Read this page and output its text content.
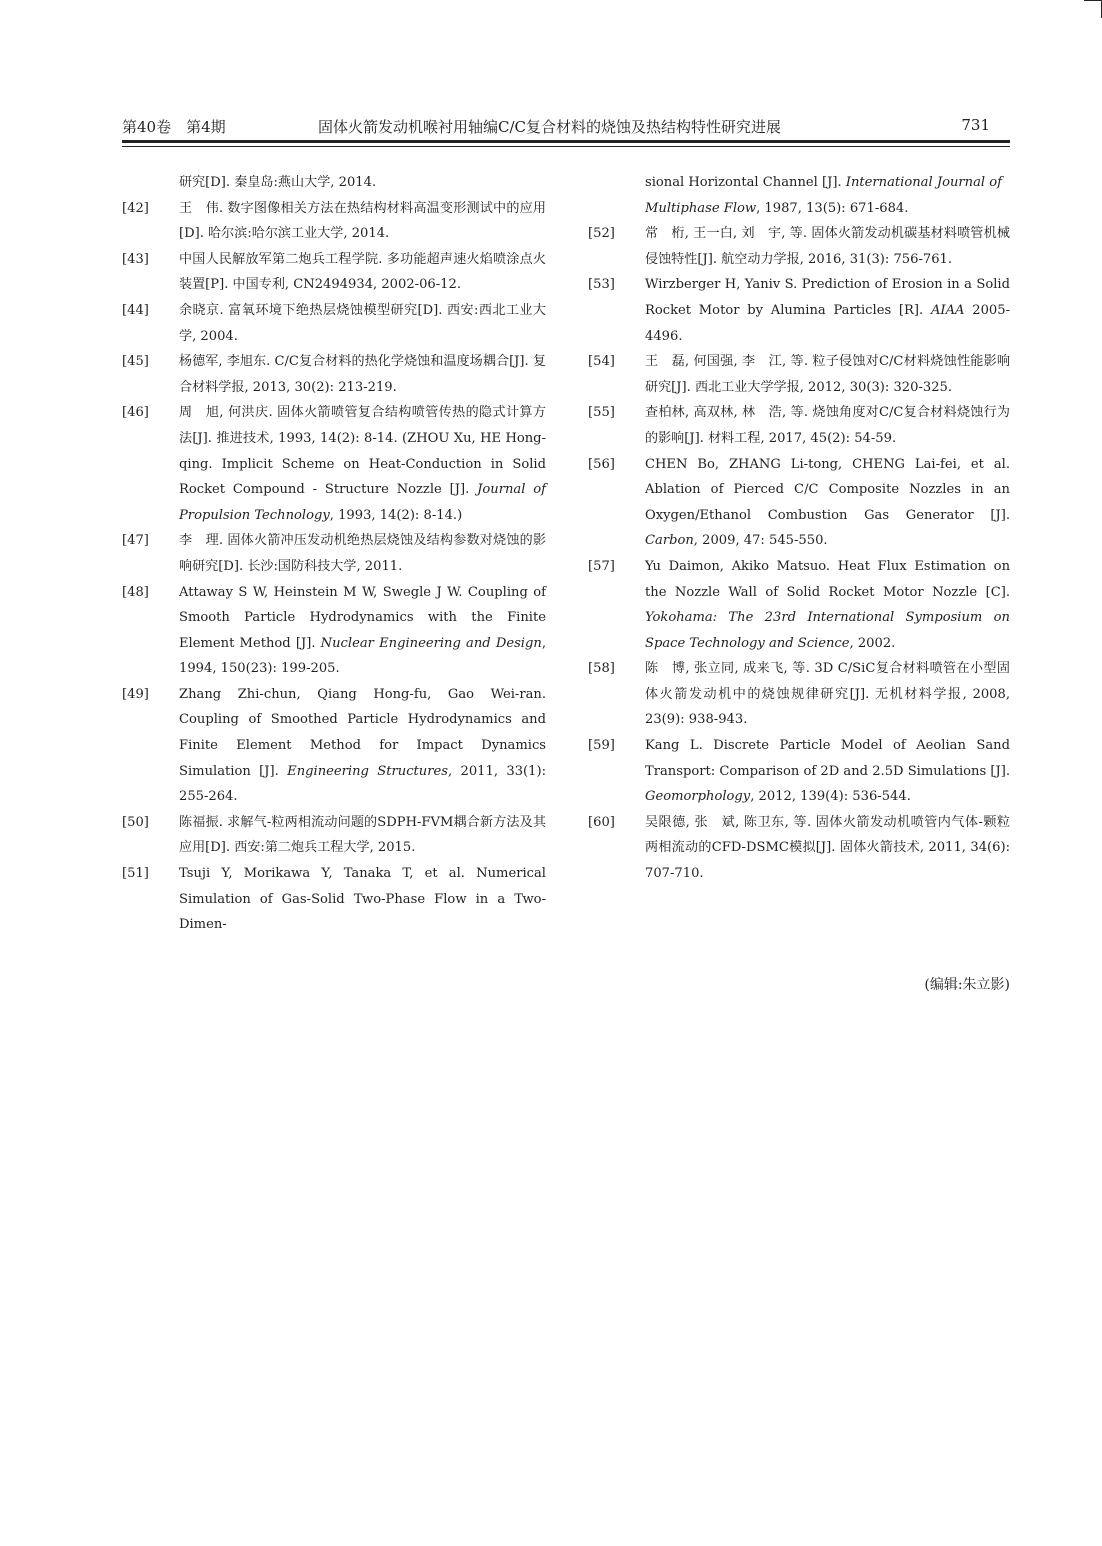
第40卷　第4期	固体火箭发动机喉衬用轴编C/C复合材料的烧蚀及热结构特性研究进展	731
研究[D]. 秦皇岛:燕山大学, 2014.
[42] 王　伟. 数字图像相关方法在热结构材料高温变形测试中的应用[D]. 哈尔滨:哈尔滨工业大学, 2014.
[43] 中国人民解放军第二炮兵工程学院. 多功能超声速火焰喷涂点火装置[P]. 中国专利, CN2494934, 2002-06-12.
[44] 余晓京. 富氧环境下绝热层烧蚀模型研究[D]. 西安:西北工业大学, 2004.
[45] 杨德军, 李旭东. C/C复合材料的热化学烧蚀和温度场耦合[J]. 复合材料学报, 2013, 30(2): 213-219.
[46] 周　旭, 何洪庆. 固体火箭喷管复合结构喷管传热的隐式计算方法[J]. 推进技术, 1993, 14(2): 8-14. (ZHOU Xu, HE Hong-qing. Implicit Scheme on Heat-Conduction in Solid Rocket Compound - Structure Nozzle [J]. Journal of Propulsion Technology, 1993, 14(2): 8-14.)
[47] 李　理. 固体火箭冲压发动机绝热层烧蚀及结构参数对烧蚀的影响研究[D]. 长沙:国防科技大学, 2011.
[48] Attaway S W, Heinstein M W, Swegle J W. Coupling of Smooth Particle Hydrodynamics with the Finite Element Method [J]. Nuclear Engineering and Design, 1994, 150(23): 199-205.
[49] Zhang Zhi-chun, Qiang Hong-fu, Gao Wei-ran. Coupling of Smoothed Particle Hydrodynamics and Finite Element Method for Impact Dynamics Simulation [J]. Engineering Structures, 2011, 33(1): 255-264.
[50] 陈福振. 求解气-粒两相流动问题的SDPH-FVM耦合新方法及其应用[D]. 西安:第二炮兵工程大学, 2015.
[51] Tsuji Y, Morikawa Y, Tanaka T, et al. Numerical Simulation of Gas-Solid Two-Phase Flow in a Two-Dimen-
sional Horizontal Channel [J]. International Journal of Multiphase Flow, 1987, 13(5): 671-684.
[52] 常　桁, 王一白, 刘　宇, 等. 固体火箭发动机碳基材料喷管机械侵蚀特性[J]. 航空动力学报, 2016, 31(3): 756-761.
[53] Wirzberger H, Yaniv S. Prediction of Erosion in a Solid Rocket Motor by Alumina Particles [R]. AIAA 2005-4496.
[54] 王　磊, 何国强, 李　江, 等. 粒子侵蚀对C/C材料烧蚀性能影响研究[J]. 西北工业大学学报, 2012, 30(3): 320-325.
[55] 查柏林, 高双林, 林　浩, 等. 烧蚀角度对C/C复合材料烧蚀行为的影响[J]. 材料工程, 2017, 45(2): 54-59.
[56] CHEN Bo, ZHANG Li-tong, CHENG Lai-fei, et al. Ablation of Pierced C/C Composite Nozzles in an Oxygen/Ethanol Combustion Gas Generator [J]. Carbon, 2009, 47: 545-550.
[57] Yu Daimon, Akiko Matsuo. Heat Flux Estimation on the Nozzle Wall of Solid Rocket Motor Nozzle [C]. Yokohama: The 23rd International Symposium on Space Technology and Science, 2002.
[58] 陈　博, 张立同, 成来飞, 等. 3D C/SiC复合材料喷管在小型固体火箭发动机中的烧蚀规律研究[J]. 无机材料学报, 2008, 23(9): 938-943.
[59] Kang L. Discrete Particle Model of Aeolian Sand Transport: Comparison of 2D and 2.5D Simulations [J]. Geomorphology, 2012, 139(4): 536-544.
[60] 吴限德, 张　斌, 陈卫东, 等. 固体火箭发动机喷管内气体-颗粒两相流动的CFD-DSMC模拟[J]. 固体火箭技术, 2011, 34(6): 707-710.
(编辑:朱立影)
